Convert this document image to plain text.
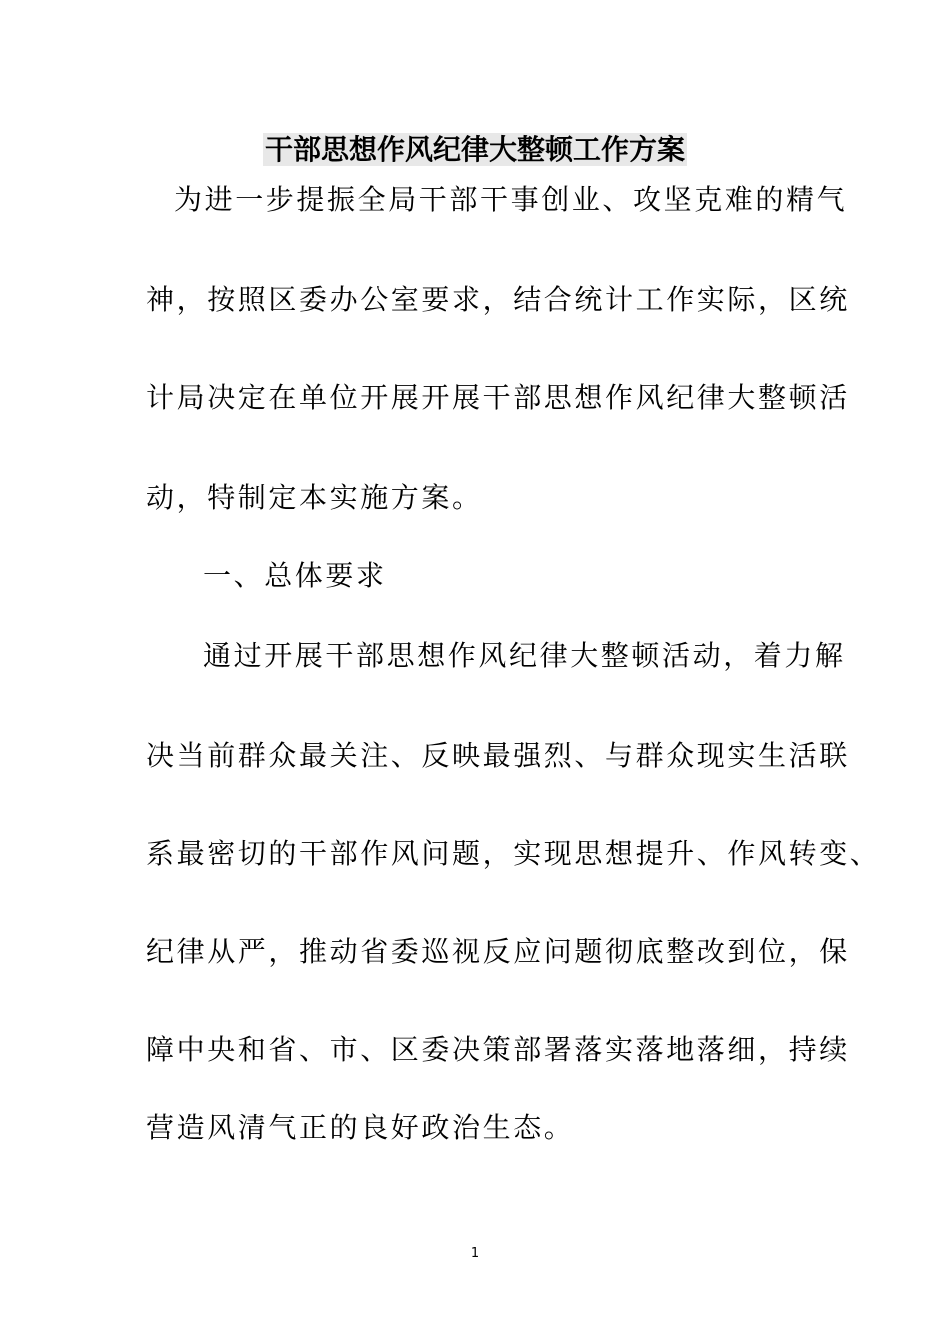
干部思想作风纪律大整顿工作方案
为进一步提振全局干部干事创业、攻坚克难的精气
神，按照区委办公室要求，结合统计工作实际，区统
计局决定在单位开展开展干部思想作风纪律大整顿活
动，特制定本实施方案。
一、总体要求
通过开展干部思想作风纪律大整顿活动，着力解
决当前群众最关注、反映最强烈、与群众现实生活联
系最密切的干部作风问题，实现思想提升、作风转变、
纪律从严，推动省委巡视反应问题彻底整改到位，保
障中央和省、市、区委决策部署落实落地落细，持续
营造风清气正的良好政治生态。
1
